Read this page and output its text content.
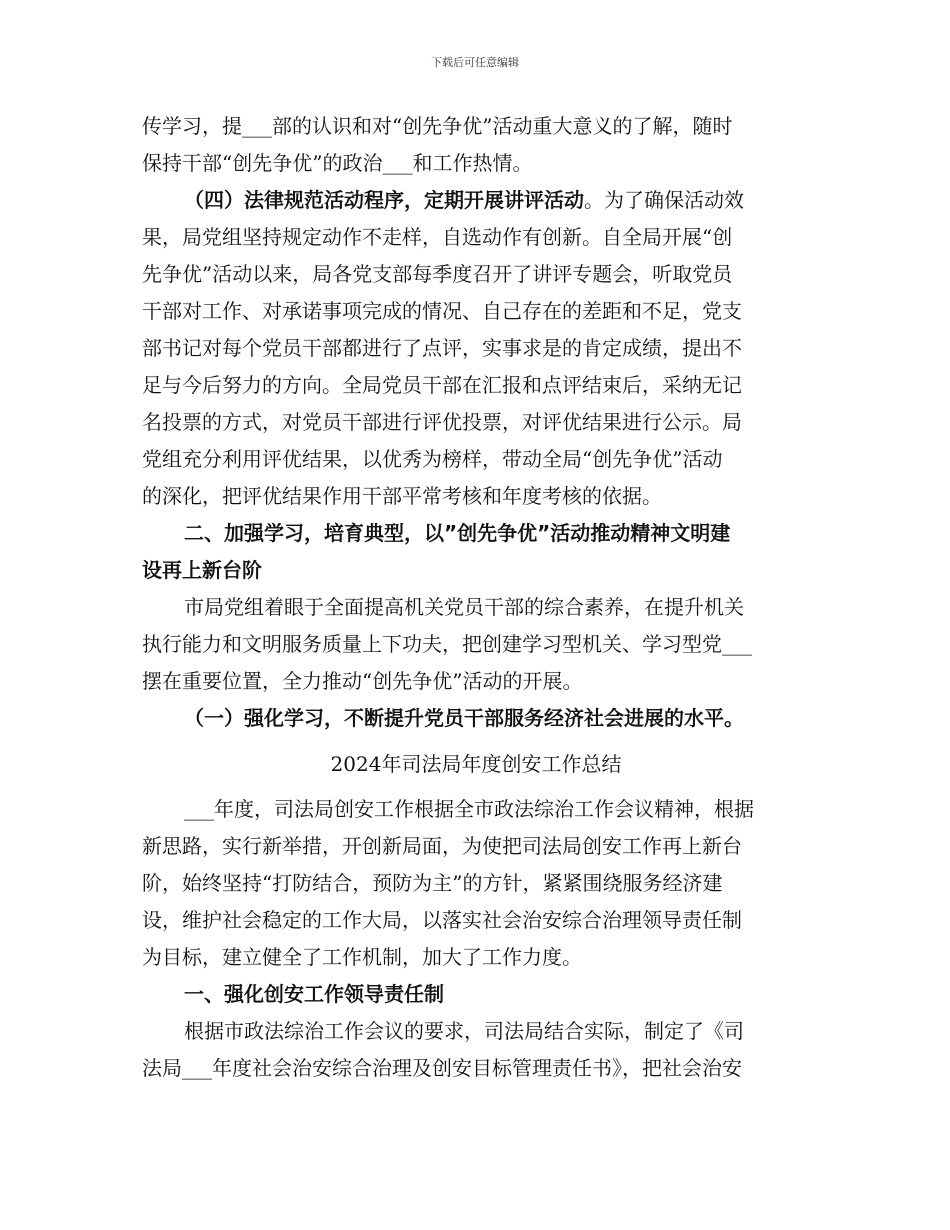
下载后可任意编辑
传学习，提___部的认识和对“创先争优”活动重大意义的了解，随时
保持干部“创先争优”的政治___和工作热情。
（四）法律规范活动程序，定期开展讲评活动。为了确保活动效
果，局党组坚持规定动作不走样，自选动作有创新。自全局开展“创
先争优”活动以来，局各党支部每季度召开了讲评专题会，听取党员
干部对工作、对承诺事项完成的情况、自己存在的差距和不足，党支
部书记对每个党员干部都进行了点评，实事求是的肯定成绩，提出不
足与今后努力的方向。全局党员干部在汇报和点评结束后，采纳无记
名投票的方式，对党员干部进行评优投票，对评优结果进行公示。局
党组充分利用评优结果，以优秀为榜样，带动全局“创先争优”活动
的深化，把评优结果作用干部平常考核和年度考核的依据。
二、加强学习，培育典型，以”创先争优”活动推动精神文明建
设再上新台阶
市局党组着眼于全面提高机关党员干部的综合素养，在提升机关
执行能力和文明服务质量上下功夫，把创建学习型机关、学习型党___
摆在重要位置，全力推动“创先争优”活动的开展。
（一）强化学习，不断提升党员干部服务经济社会进展的水平。
2024年司法局年度创安工作总结
___年度，司法局创安工作根据全市政法综治工作会议精神，根据
新思路，实行新举措，开创新局面，为使把司法局创安工作再上新台
阶，始终坚持“打防结合，预防为主”的方针，紧紧围绕服务经济建
设，维护社会稳定的工作大局，以落实社会治安综合治理领导责任制
为目标，建立健全了工作机制，加大了工作力度。
一、强化创安工作领导责任制
根据市政法综治工作会议的要求，司法局结合实际，制定了《司
法局___年度社会治安综合治理及创安目标管理责任书》，把社会治安
